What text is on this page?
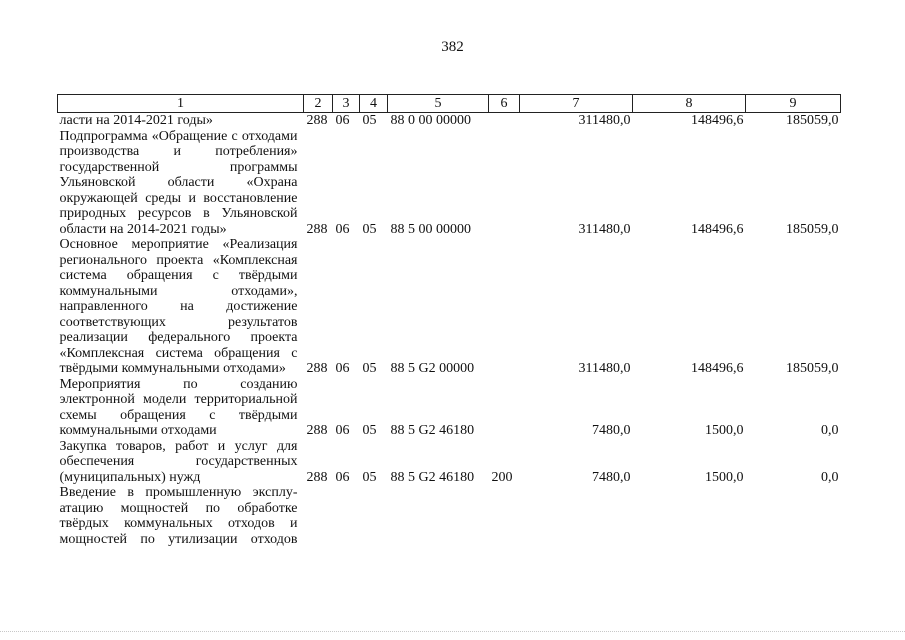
382
1	2	3	4	5	6	7	8	9
ласти на 2014-2021 годы»	288	06	05	88 0 00 00000		311480,0	148496,6	185059,0
Подпрограмма «Обращение с отходами производства и потребления» государственной программы Ульяновской области «Охрана окружающей среды и восстановление природных ресурсов в Ульяновской области на 2014-2021 годы»	288	06	05	88 5 00 00000		311480,0	148496,6	185059,0
Основное мероприятие «Реализация регионального проекта «Комплексная система обращения с твёрдыми коммунальными отходами», направленного на достижение соответствующих результатов реализации федерального проекта «Комплексная система обращения с твёрдыми коммунальными отходами»	288	06	05	88 5 G2 00000		311480,0	148496,6	185059,0
Мероприятия по созданию электронной модели территориальной схемы обращения с твёрдыми коммунальными отходами	288	06	05	88 5 G2 46180		7480,0	1500,0	0,0
Закупка товаров, работ и услуг для обеспечения государственных (муниципальных) нужд	288	06	05	88 5 G2 46180	200	7480,0	1500,0	0,0

Введение в промышленную эксплу-
атацию мощностей по обработке
твёрдых коммунальных отходов и
мощностей по утилизации отходов								
